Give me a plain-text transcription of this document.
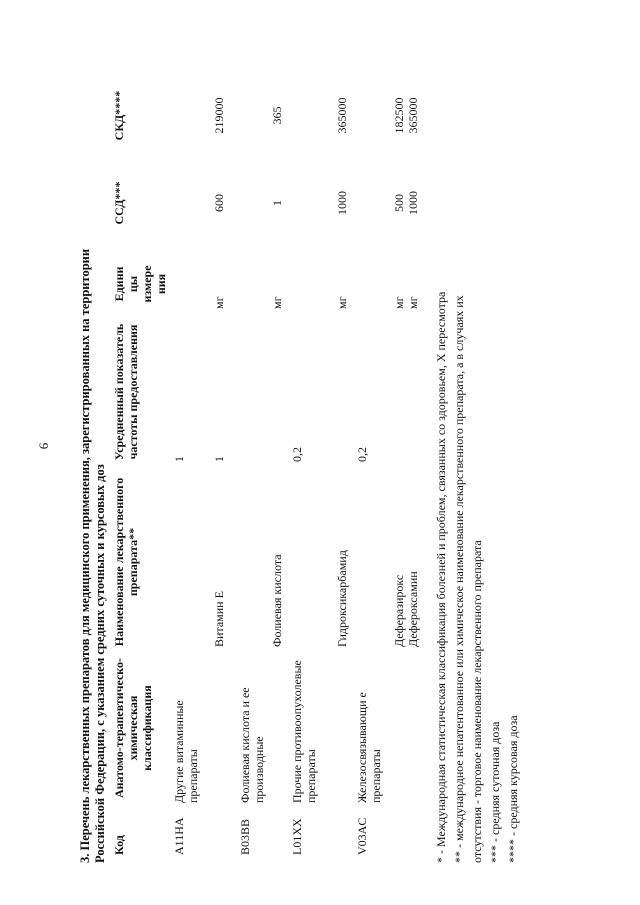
6 3. Перечень лекарственных препаратов для медицинского применения, зарегистрированных на территории Российской Федерации, с указанием средних суточных и курсовых доз Код
Анатомо-терапевтическо-химическая классификация
Наименование лекарственного препарата**
Усредненный показатель частоты предоставления
Едини цы измере ния
ССД***
СКД****
A11HA
Другие витаминные препараты
1
Витамин E
1
мг
600
219000
B03BB
Фолиевая кислота и ее производные
Фолиевая кислота
мг
1
365
L01XX
Прочие противоопухолевые препараты
0,2
Гидроксикарбамид
мг
1000
365000
V03AC
Железосвязывающи е препараты
0,2
Деферазирокс
мг
500
182500
Дефероксамин
мг
1000
365000
* - Международная статистическая классификация болезней и проблем, связанных со здоровьем, X пересмотра ** - международное непатентованное или химическое наименование лекарственного препарата, а в случаях их отсутствия - торговое наименование лекарственного препарата *** - средняя суточная доза **** - средняя курсовая доза
